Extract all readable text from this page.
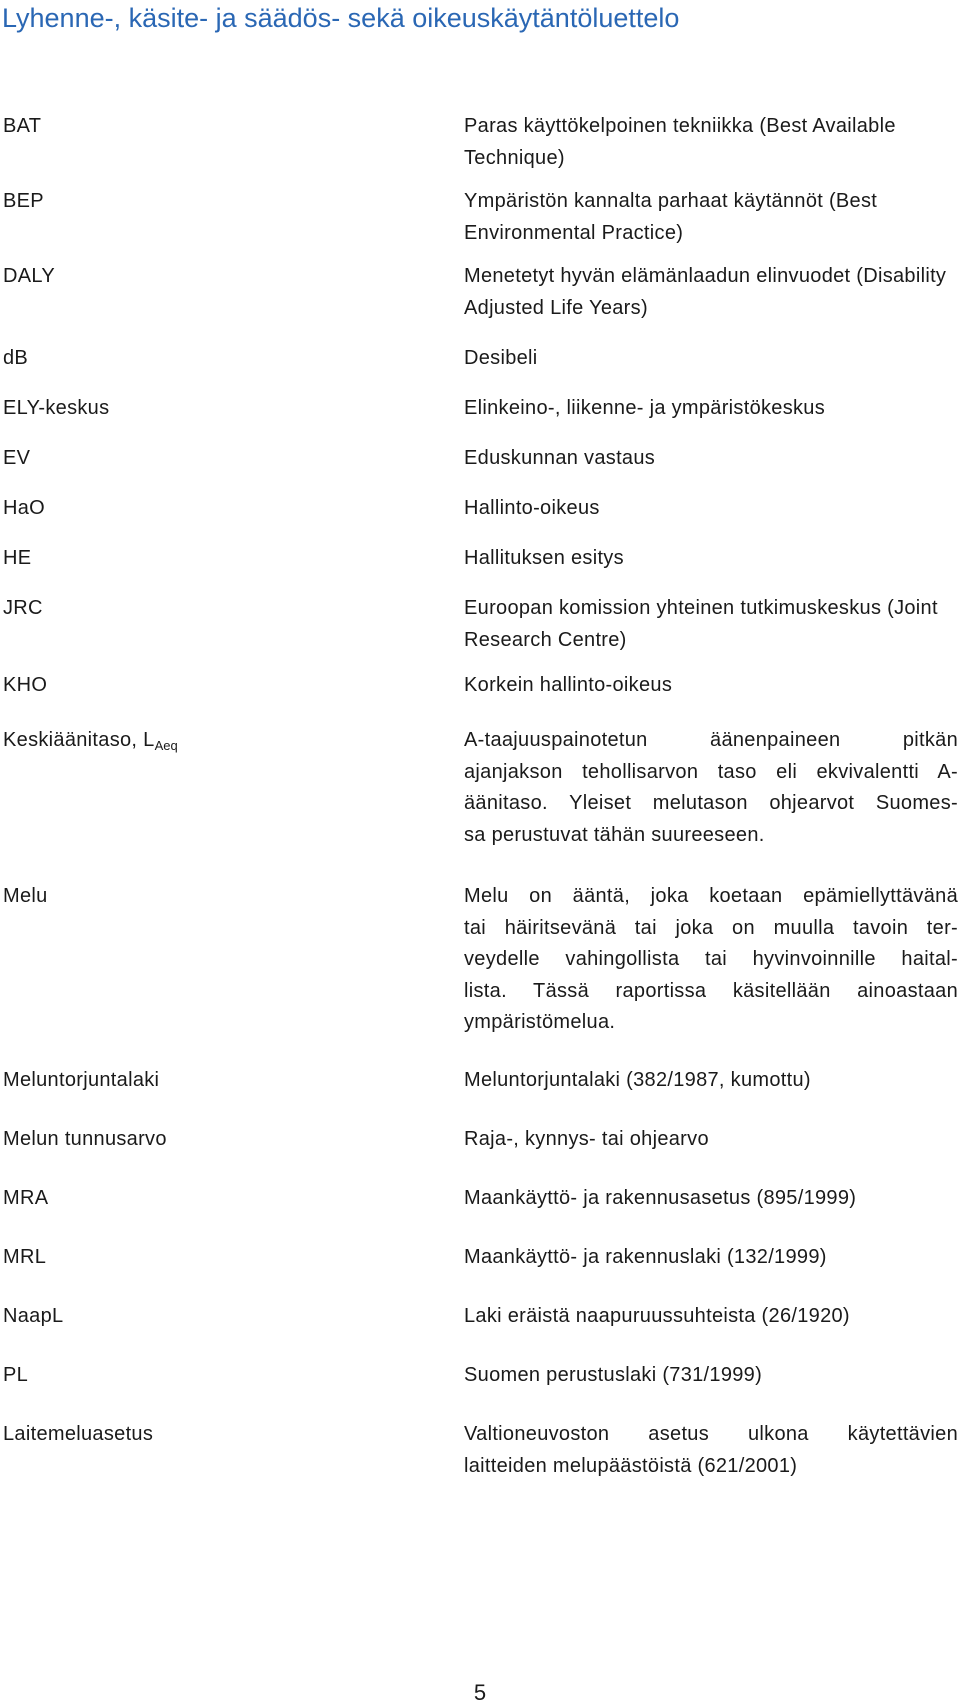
Lyhenne-, käsite- ja säädös- sekä oikeuskäytäntöluettelo
BAT	Paras käyttökelpoinen tekniikka (Best Available Technique)
BEP	Ympäristön kannalta parhaat käytännöt (Best Environmental Practice)
DALY	Menetetyt hyvän elämänlaadun elinvuodet (Disability Adjusted Life Years)
dB	Desibeli
ELY-keskus	Elinkeino-, liikenne- ja ympäristökeskus
EV	Eduskunnan vastaus
HaO	Hallinto-oikeus
HE	Hallituksen esitys
JRC	Euroopan komission yhteinen tutkimuskeskus (Joint Research Centre)
KHO	Korkein hallinto-oikeus
Keskiäänitaso, $L_{Aeq}$	A-taajuuspainotetun äänenpaineen pitkän
ajanjakson tehollisarvon taso eli ekvivalentti A-
äänitaso. Yleiset melutason ohjearvot Suomes-
sa perustuvat tähän suureeseen.
Melu	Melu on ääntä, joka koetaan epämiellyttävänä
tai häiritsevänä tai joka on muulla tavoin ter-
veydelle vahingollista tai hyvinvoinnille haital-
lista. Tässä raportissa käsitellään ainoastaan
ympäristömelua.
Meluntorjuntalaki	Meluntorjuntalaki (382/1987, kumottu)
Melun tunnusarvo	Raja-, kynnys- tai ohjearvo
MRA	Maankäyttö- ja rakennusasetus (895/1999)
MRL	Maankäyttö- ja rakennuslaki (132/1999)
NaapL	Laki eräistä naapuruussuhteista (26/1920)
PL	Suomen perustuslaki (731/1999)
Laitemeluasetus	Valtioneuvoston asetus ulkona käytettävien
laitteiden melupäästöistä (621/2001)
5
